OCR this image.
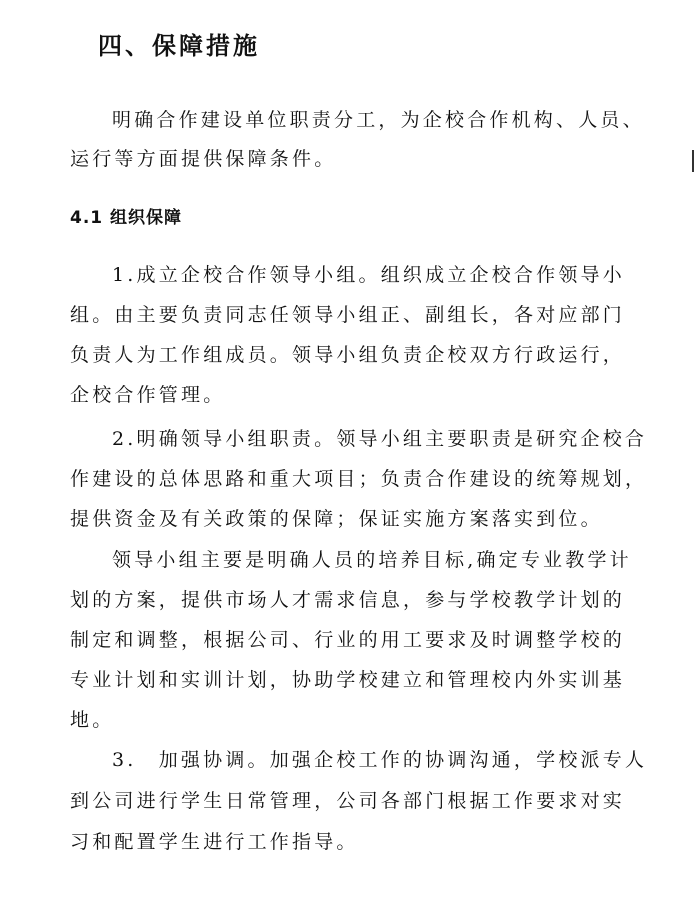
四、保障措施
明确合作建设单位职责分工，为企校合作机构、人员、
运行等方面提供保障条件。
4.1 组织保障
1.成立企校合作领导小组。组织成立企校合作领导小
组。由主要负责同志任领导小组正、副组长，各对应部门
负责人为工作组成员。领导小组负责企校双方行政运行，
企校合作管理。
2.明确领导小组职责。领导小组主要职责是研究企校合
作建设的总体思路和重大项目；负责合作建设的统筹规划，
提供资金及有关政策的保障；保证实施方案落实到位。
领导小组主要是明确人员的培养目标,确定专业教学计
划的方案，提供市场人才需求信息，参与学校教学计划的
制定和调整，根据公司、行业的用工要求及时调整学校的
专业计划和实训计划，协助学校建立和管理校内外实训基
地。
3.　加强协调。加强企校工作的协调沟通，学校派专人
到公司进行学生日常管理，公司各部门根据工作要求对实
习和配置学生进行工作指导。
